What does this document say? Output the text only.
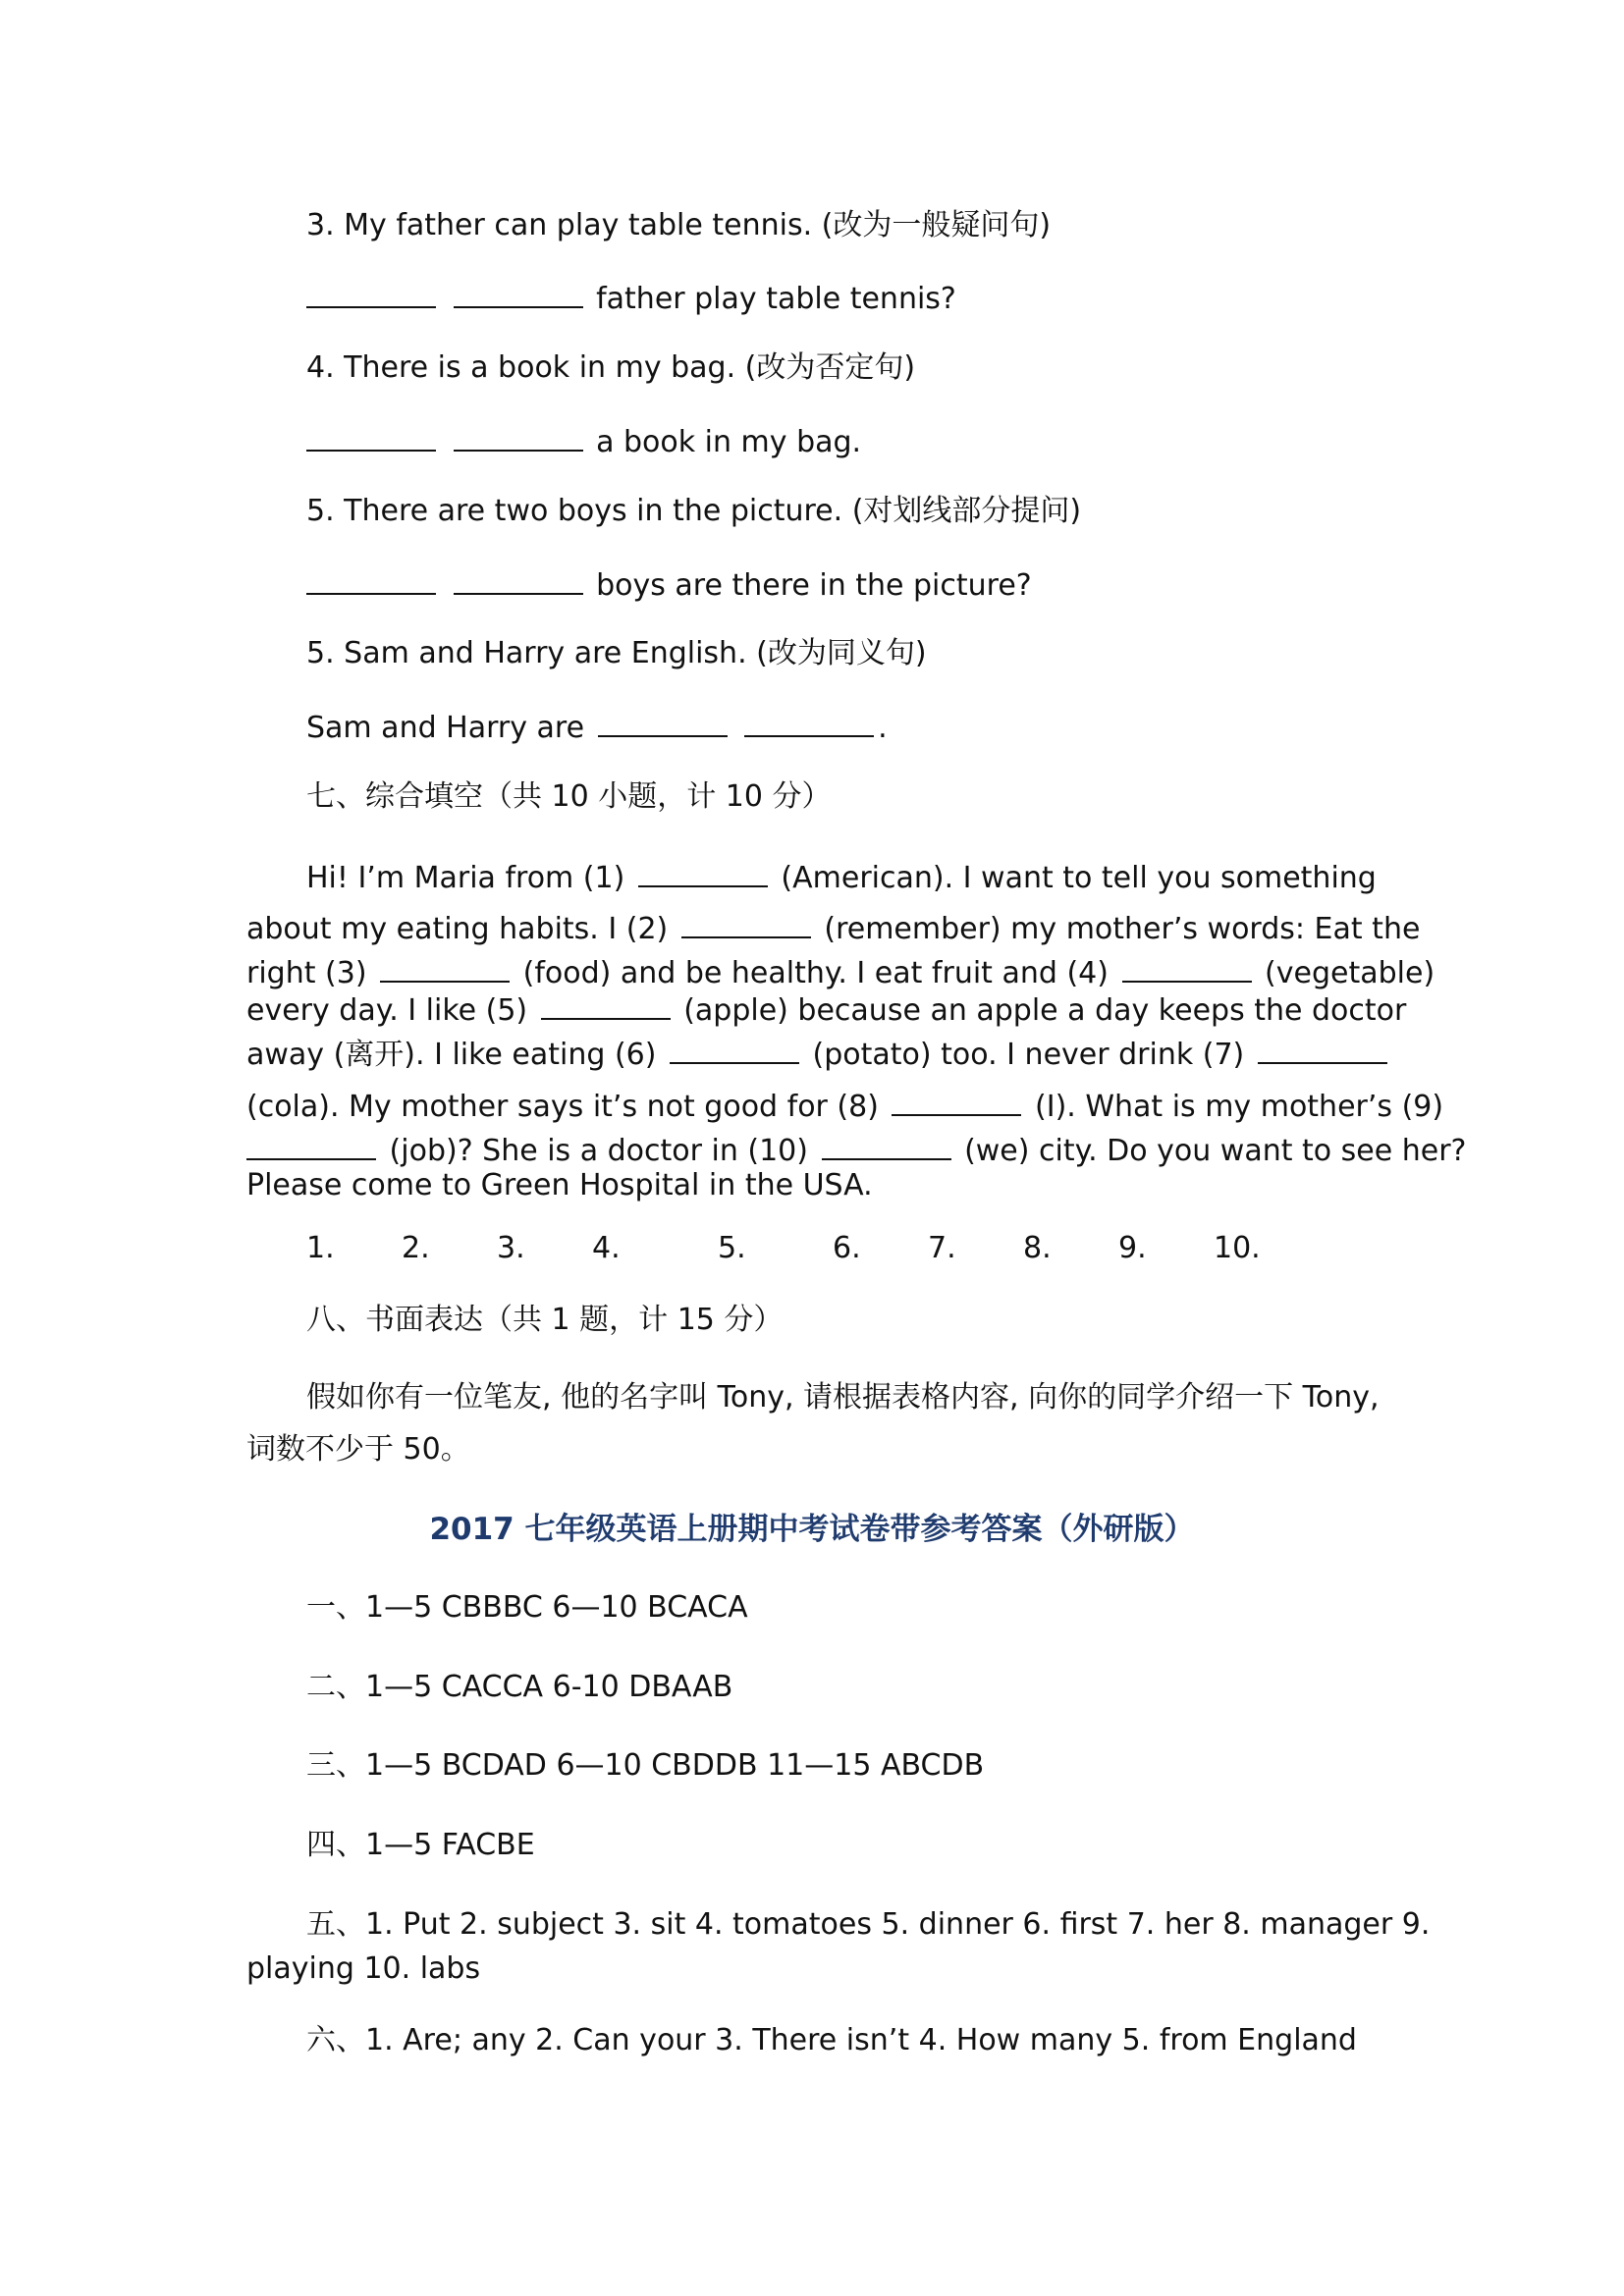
3. My father can play table tennis. (改为一般疑问句)
father play table tennis?
4. There is a book in my bag. (改为否定句)
a book in my bag.
5. There are two boys in the picture. (对划线部分提问)
boys are there in the picture?
5. Sam and Harry are English. (改为同义句)
Sam and Harry are	.
七、综合填空（共 10 小题，计 10 分）
Hi! I’m Maria from (1)	(American). I want to tell you something
about my eating habits. I (2)	(remember) my mother’s words: Eat the
right (3)	(food) and be healthy. I eat fruit and (4)	(vegetable)
every day. I like (5)	(apple) because an apple a day keeps the doctor
away (离开). I like eating (6)	(potato) too. I never drink (7)
(cola). My mother says it’s not good for (8)	(I). What is my mother’s (9)
(job)? She is a doctor in (10)	(we) city. Do you want to see her?
Please come to Green Hospital in the USA.
1. 2. 3. 4.	5.	6. 7. 8. 9. 10.
八、书面表达（共 1 题，计 15 分）
假如你有一位笔友, 他的名字叫 Tony, 请根据表格内容, 向你的同学介绍一下 Tony,
词数不少于 50。
2017 七年级英语上册期中考试卷带参考答案（外研版）
一、1—5 CBBBC 6—10 BCACA
二、1—5 CACCA 6-10 DBAAB
三、1—5 BCDAD 6—10 CBDDB 11—15 ABCDB
四、1—5 FACBE
五、1. Put 2. subject 3. sit 4. tomatoes 5. dinner 6. first 7. her 8. manager 9.
playing 10. labs
六、1. Are; any 2. Can your 3. There isn’t 4. How many 5. from England
